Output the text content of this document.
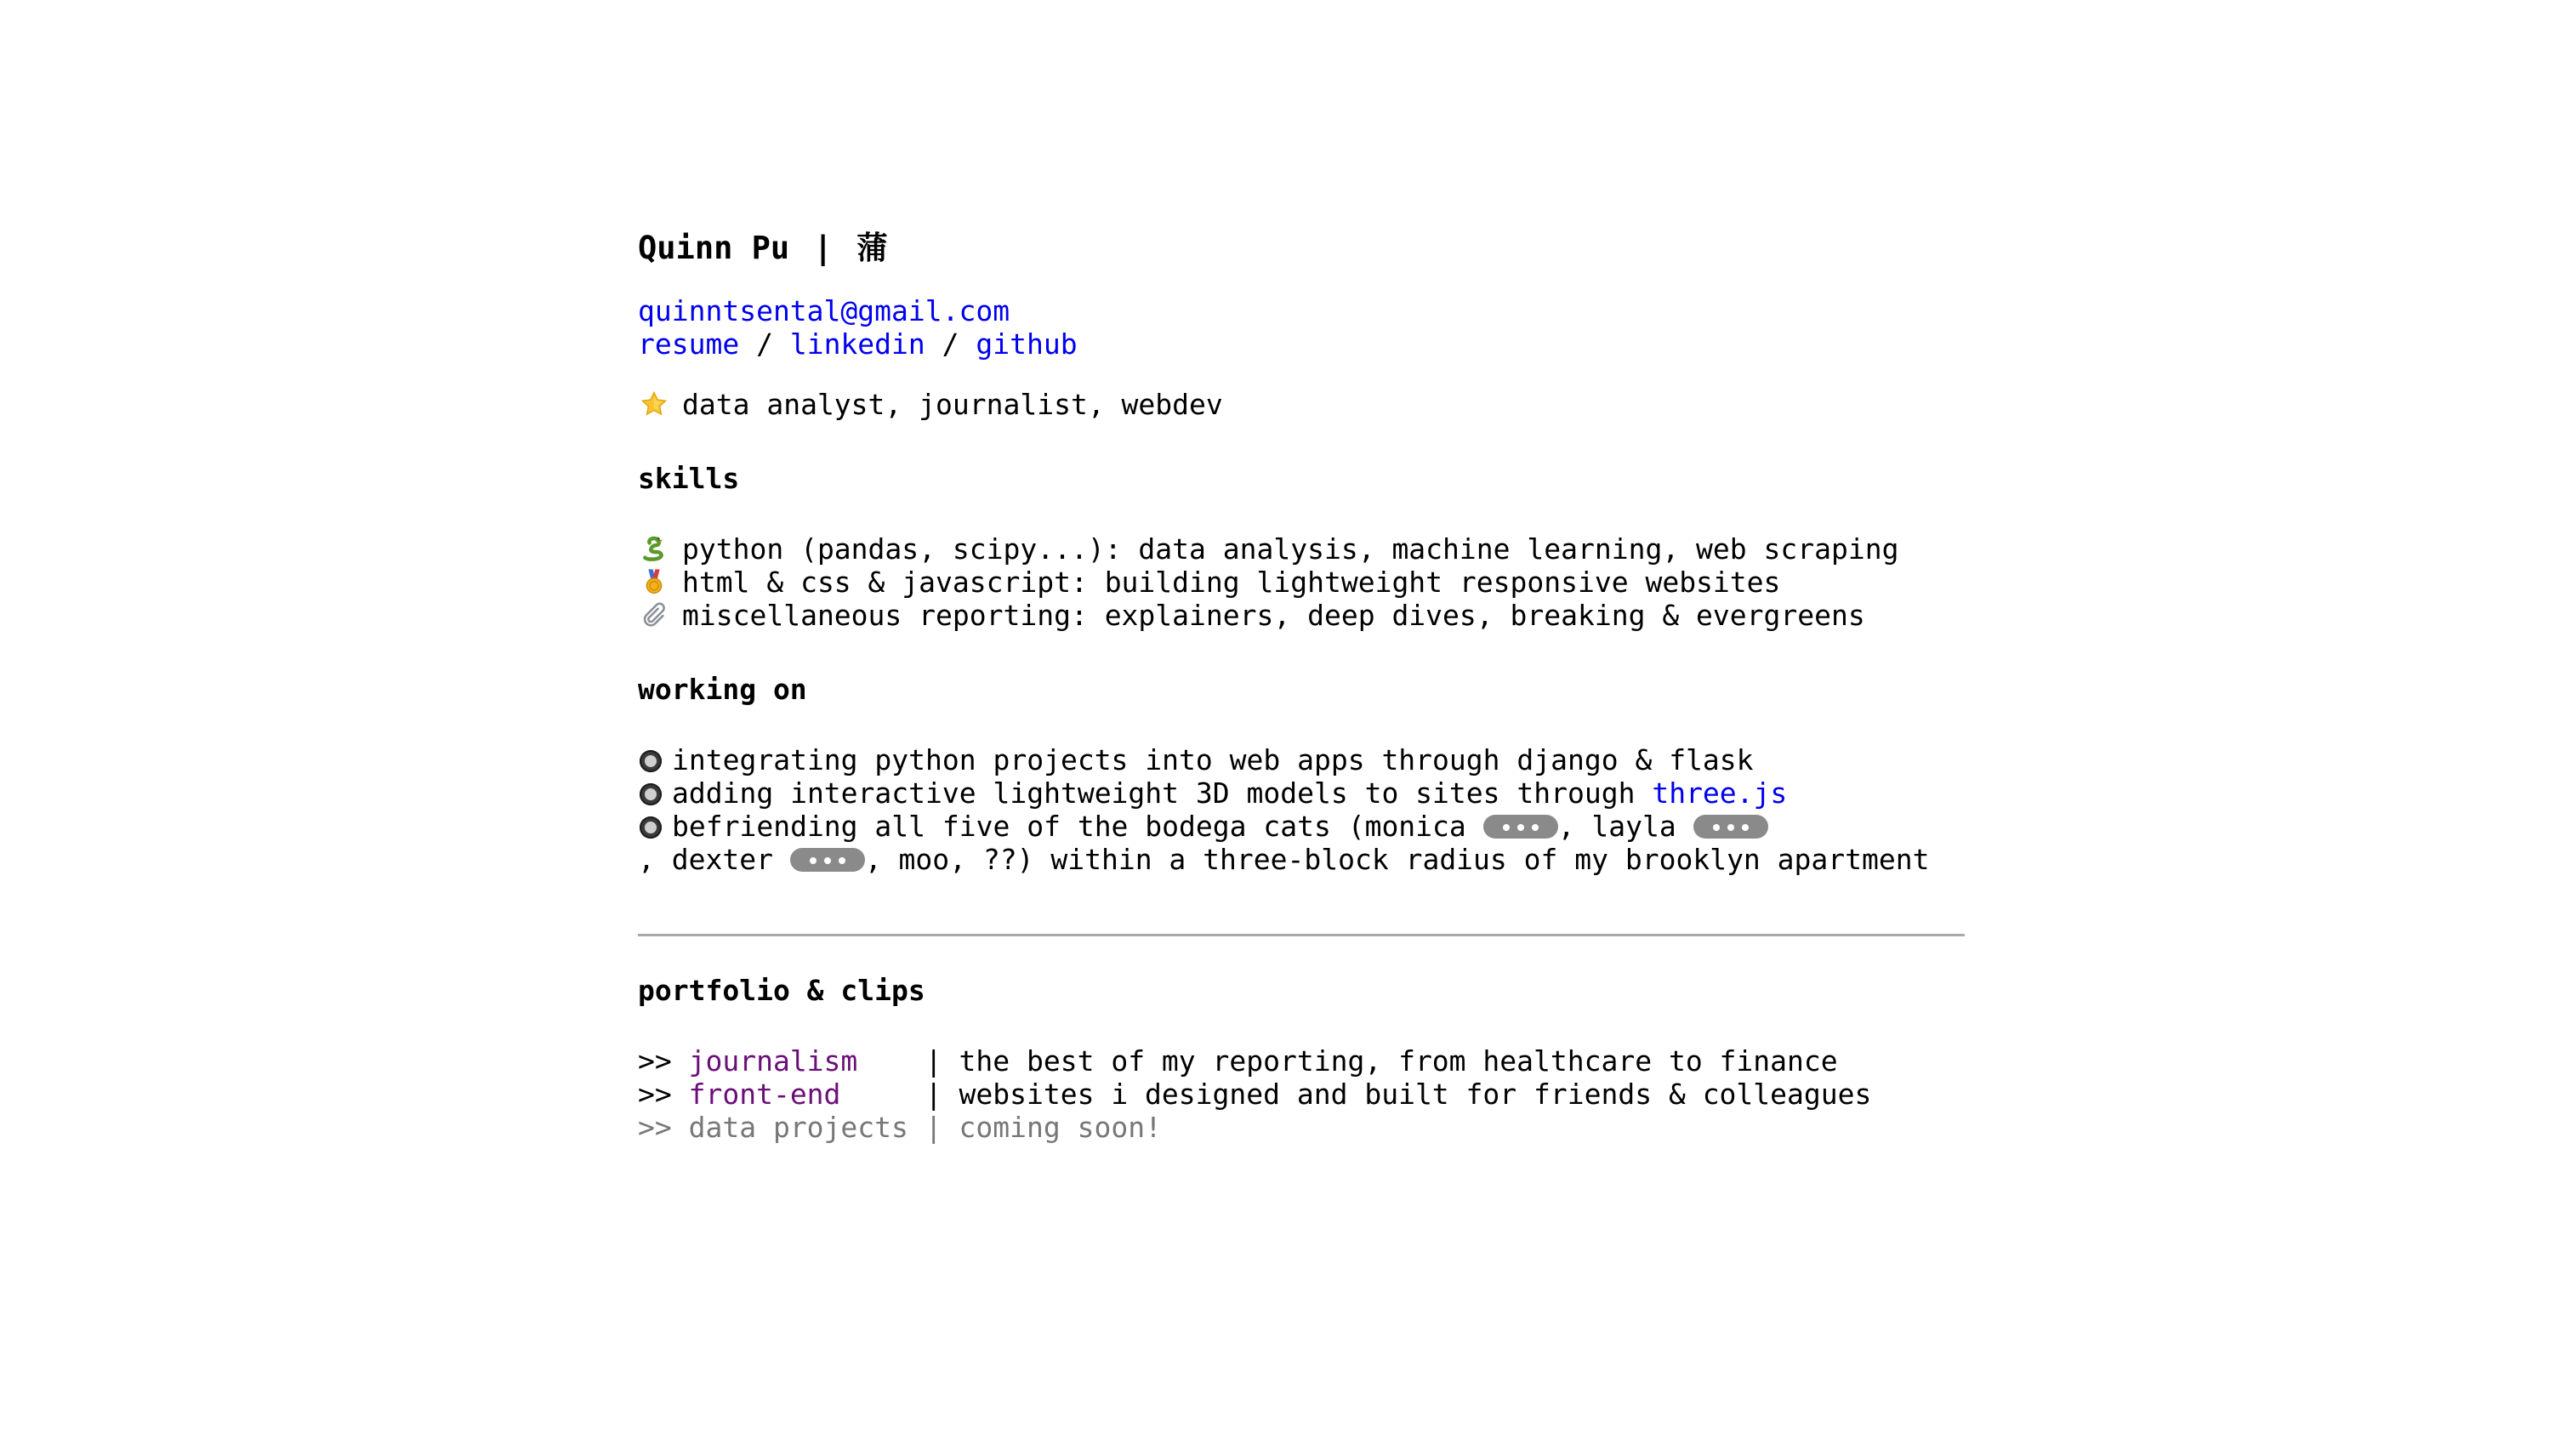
Quinn Pu | 蒲
quinntsental@gmail.com
resume / linkedin / github
data analyst, journalist, webdev
skills
python (pandas, scipy...): data analysis, machine learning, web scraping
html & css & javascript: building lightweight responsive websites
miscellaneous reporting: explainers, deep dives, breaking & evergreens
working on
integrating python projects into web apps through django & flask
adding interactive lightweight 3D models to sites through three.js
befriending all five of the bodega cats (monica	, layla
, dexter	, moo, ??) within a three-block radius of my brooklyn apartment
portfolio & clips
>> journalism    | the best of my reporting, from healthcare to finance
>> front-end     | websites i designed and built for friends & colleagues
>> data projects | coming soon!
